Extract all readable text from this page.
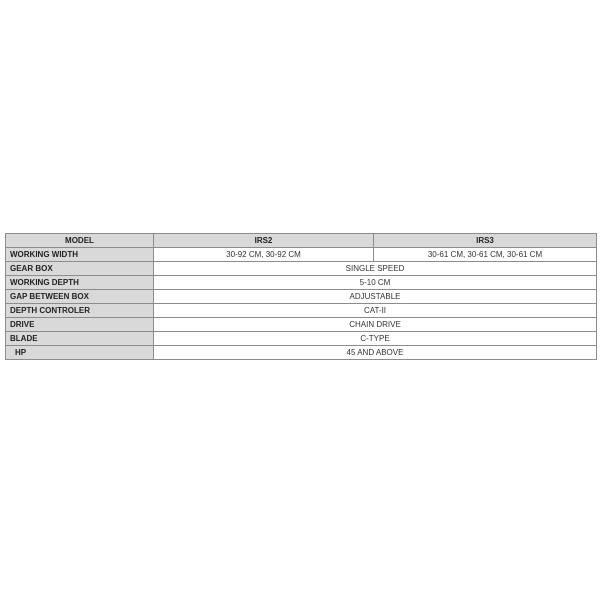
MODEL	IRS2	IRS3
WORKING WIDTH	30-92 CM, 30-92 CM	30-61 CM, 30-61 CM, 30-61 CM
GEAR BOX	SINGLE SPEED	
WORKING DEPTH	5-10 CM	
GAP BETWEEN BOX	ADJUSTABLE	
DEPTH CONTROLER	CAT-II	
DRIVE	CHAIN DRIVE	
BLADE	C-TYPE	
HP	45 AND ABOVE	
